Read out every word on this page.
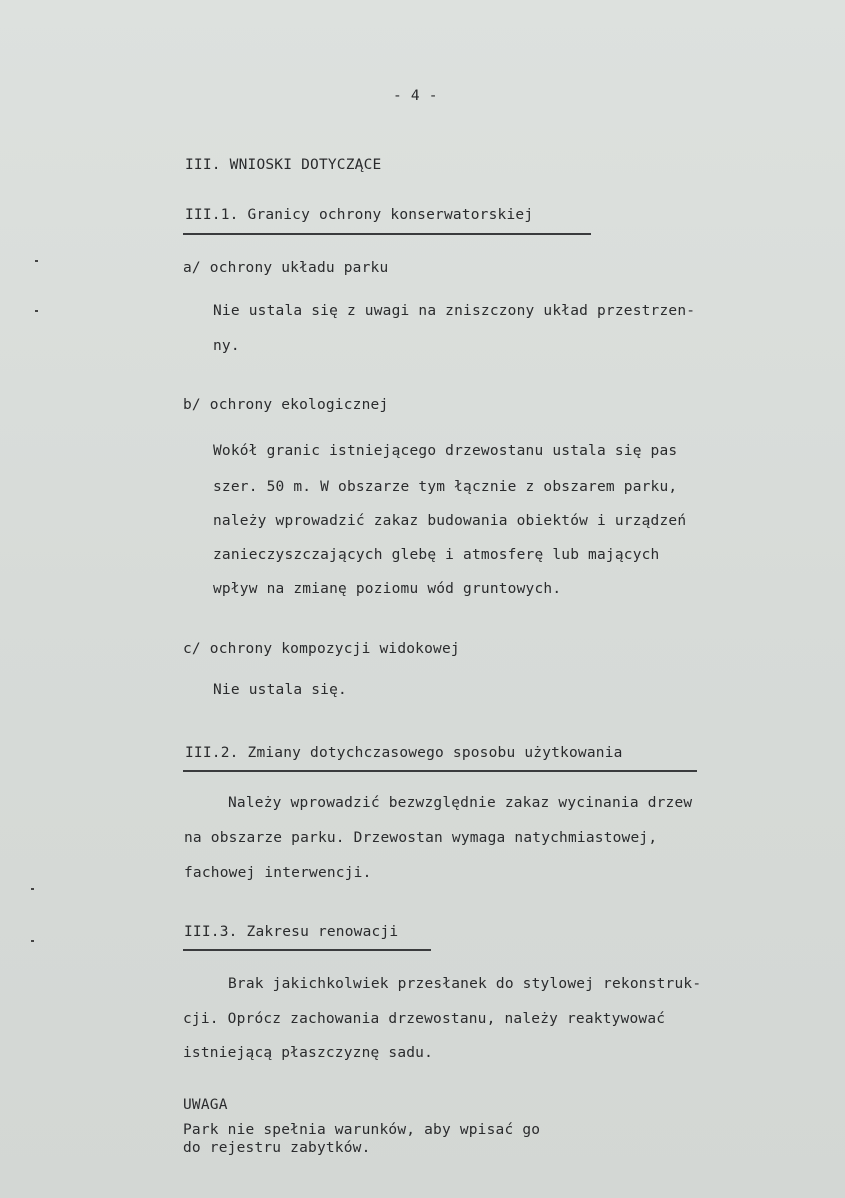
- 4 -
III. WNIOSKI DOTYCZĄCE
III.1. Granicy ochrony konserwatorskiej
a/ ochrony układu parku
Nie ustala się z uwagi na zniszczony układ przestrzen-
ny.
b/ ochrony ekologicznej
Wokół granic istniejącego drzewostanu ustala się pas
szer. 50 m. W obszarze tym łącznie z obszarem parku,
należy wprowadzić zakaz budowania obiektów i urządzeń
zanieczyszczających glebę i atmosferę lub mających
wpływ na zmianę poziomu wód gruntowych.
c/ ochrony kompozycji widokowej
Nie ustala się.
III.2. Zmiany dotychczasowego sposobu użytkowania
Należy wprowadzić bezwzględnie zakaz wycinania drzew
na obszarze parku. Drzewostan wymaga natychmiastowej,
fachowej interwencji.
III.3. Zakresu renowacji
Brak jakichkolwiek przesłanek do stylowej rekonstruk-
cji. Oprócz zachowania drzewostanu, należy reaktywować
istniejącą płaszczyznę sadu.
UWAGA
Park nie spełnia warunków, aby wpisać go
do rejestru zabytków.
